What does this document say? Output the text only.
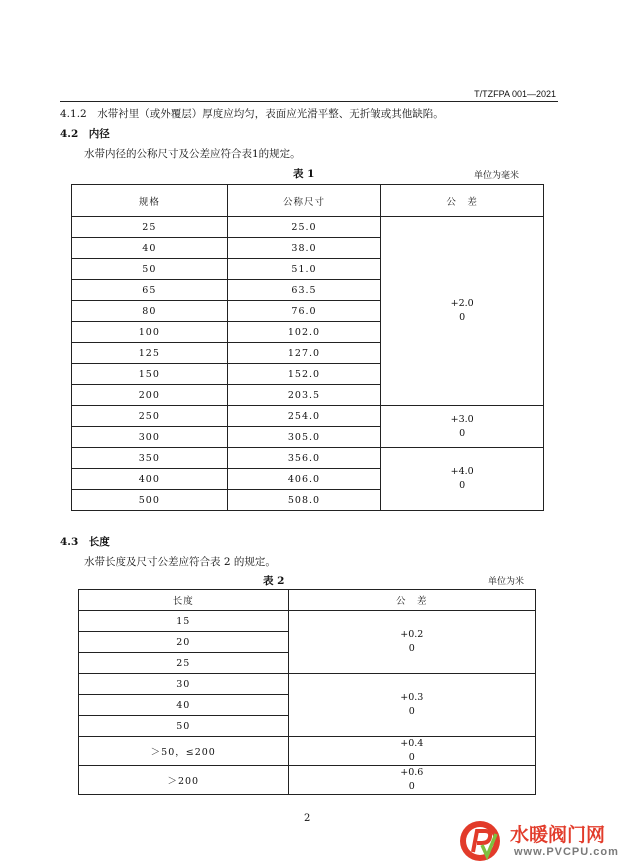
T/TZFPA 001—2021
4.1.2　水带衬里（或外覆层）厚度应均匀，表面应光滑平整、无折皱或其他缺陷。
4.2　内径
水带内径的公称尺寸及公差应符合表1的规定。
表 1	单位为毫米
规格	公称尺寸	公　差
25	25.0	+2.0
0

40	38.0	
50	51.0	
65	63.5	
80	76.0	
100	102.0	
125	127.0	
150	152.0	
200	203.5	
250	254.0	+3.0
0

300	305.0	
350	356.0	+4.0
0

400	406.0	
500	508.0	
4.3　长度
水带长度及尺寸公差应符合表 2 的规定。
表 2	单位为米
长度	公　差
15	+0.2
0

20	
25	
30	+0.3
0

40	
50	
＞50，≤200	+0.4
0

＞200	+0.6
0
2
水暖阀门网
www.PVCPU.com
